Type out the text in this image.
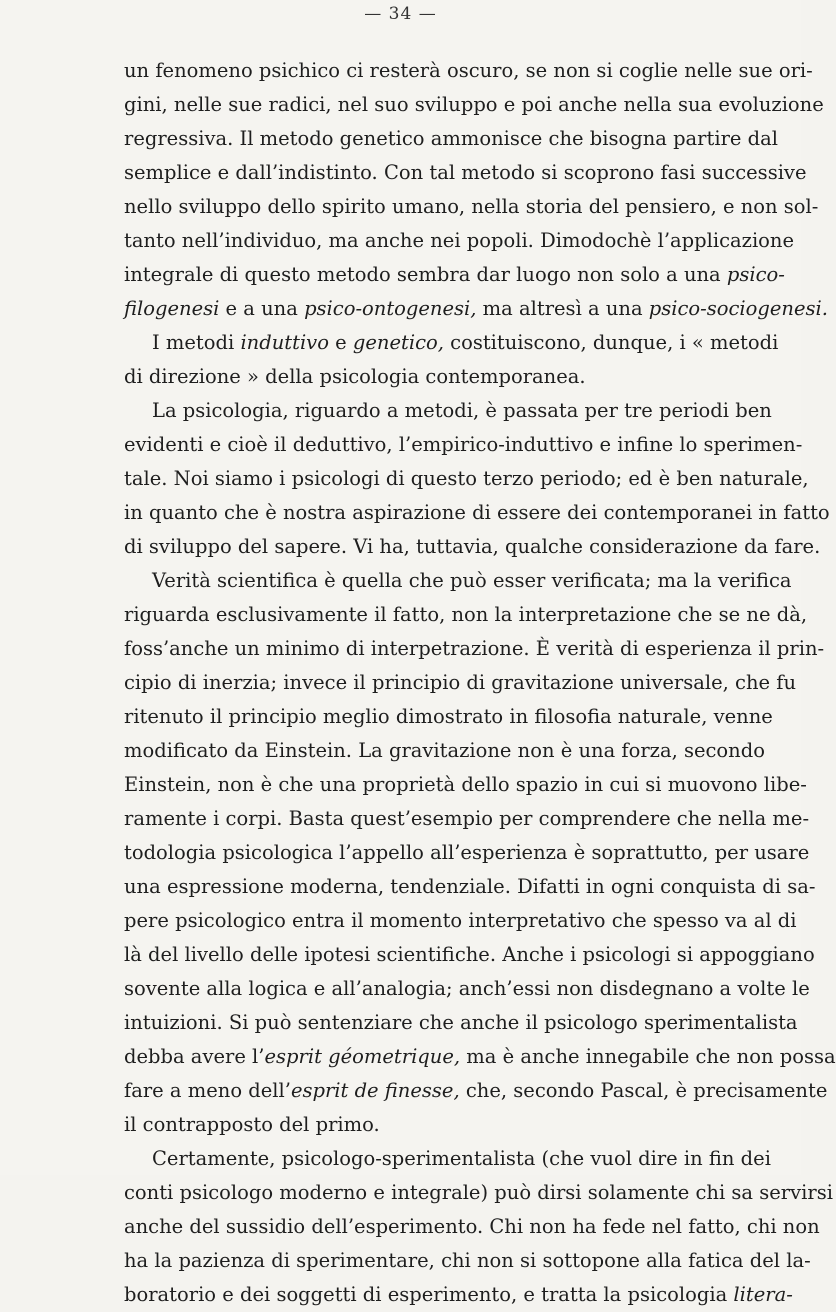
— 34 —
un fenomeno psichico ci resterà oscuro, se non si coglie nelle sue ori-
gini, nelle sue radici, nel suo sviluppo e poi anche nella sua evoluzione
regressiva. Il metodo genetico ammonisce che bisogna partire dal
semplice e dall’indistinto. Con tal metodo si scoprono fasi successive
nello sviluppo dello spirito umano, nella storia del pensiero, e non sol-
tanto nell’individuo, ma anche nei popoli. Dimodochè l’applicazione
integrale di questo metodo sembra dar luogo non solo a una psico-
filogenesi e a una psico-ontogenesi, ma altresì a una psico-sociogenesi.
I metodi induttivo e genetico, costituiscono, dunque, i « metodi
di direzione » della psicologia contemporanea.
La psicologia, riguardo a metodi, è passata per tre periodi ben
evidenti e cioè il deduttivo, l’empirico-induttivo e infine lo sperimen-
tale. Noi siamo i psicologi di questo terzo periodo; ed è ben naturale,
in quanto che è nostra aspirazione di essere dei contemporanei in fatto
di sviluppo del sapere. Vi ha, tuttavia, qualche considerazione da fare.
Verità scientifica è quella che può esser verificata; ma la verifica
riguarda esclusivamente il fatto, non la interpretazione che se ne dà,
foss’anche un minimo di interpetrazione. È verità di esperienza il prin-
cipio di inerzia; invece il principio di gravitazione universale, che fu
ritenuto il principio meglio dimostrato in filosofia naturale, venne
modificato da Einstein. La gravitazione non è una forza, secondo
Einstein, non è che una proprietà dello spazio in cui si muovono libe-
ramente i corpi. Basta quest’esempio per comprendere che nella me-
todologia psicologica l’appello all’esperienza è soprattutto, per usare
una espressione moderna, tendenziale. Difatti in ogni conquista di sa-
pere psicologico entra il momento interpretativo che spesso va al di
là del livello delle ipotesi scientifiche. Anche i psicologi si appoggiano
sovente alla logica e all’analogia; anch’essi non disdegnano a volte le
intuizioni. Si può sentenziare che anche il psicologo sperimentalista
debba avere l’esprit géometrique, ma è anche innegabile che non possa
fare a meno dell’esprit de finesse, che, secondo Pascal, è precisamente
il contrapposto del primo.
Certamente, psicologo-sperimentalista (che vuol dire in fin dei
conti psicologo moderno e integrale) può dirsi solamente chi sa servirsi
anche del sussidio dell’esperimento. Chi non ha fede nel fatto, chi non
ha la pazienza di sperimentare, chi non si sottopone alla fatica del la-
boratorio e dei soggetti di esperimento, e tratta la psicologia litera-
